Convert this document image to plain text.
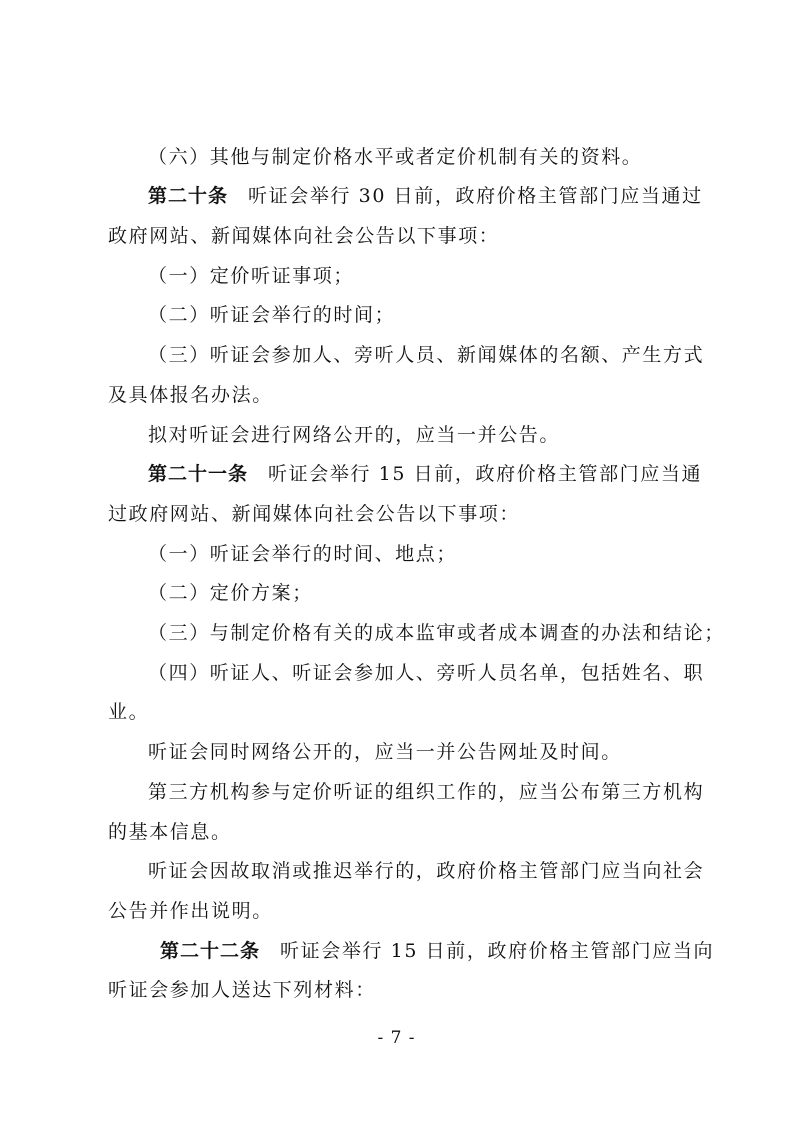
（六）其他与制定价格水平或者定价机制有关的资料。
第二十条 听证会举行 30 日前，政府价格主管部门应当通过
政府网站、新闻媒体向社会公告以下事项：
（一）定价听证事项；
（二）听证会举行的时间；
（三）听证会参加人、旁听人员、新闻媒体的名额、产生方式
及具体报名办法。
拟对听证会进行网络公开的，应当一并公告。
第二十一条 听证会举行 15 日前，政府价格主管部门应当通
过政府网站、新闻媒体向社会公告以下事项：
（一）听证会举行的时间、地点；
（二）定价方案；
（三）与制定价格有关的成本监审或者成本调查的办法和结论；
（四）听证人、听证会参加人、旁听人员名单，包括姓名、职
业。
听证会同时网络公开的，应当一并公告网址及时间。
第三方机构参与定价听证的组织工作的，应当公布第三方机构
的基本信息。
听证会因故取消或推迟举行的，政府价格主管部门应当向社会
公告并作出说明。
第二十二条 听证会举行 15 日前，政府价格主管部门应当向
听证会参加人送达下列材料：
- 7 -
